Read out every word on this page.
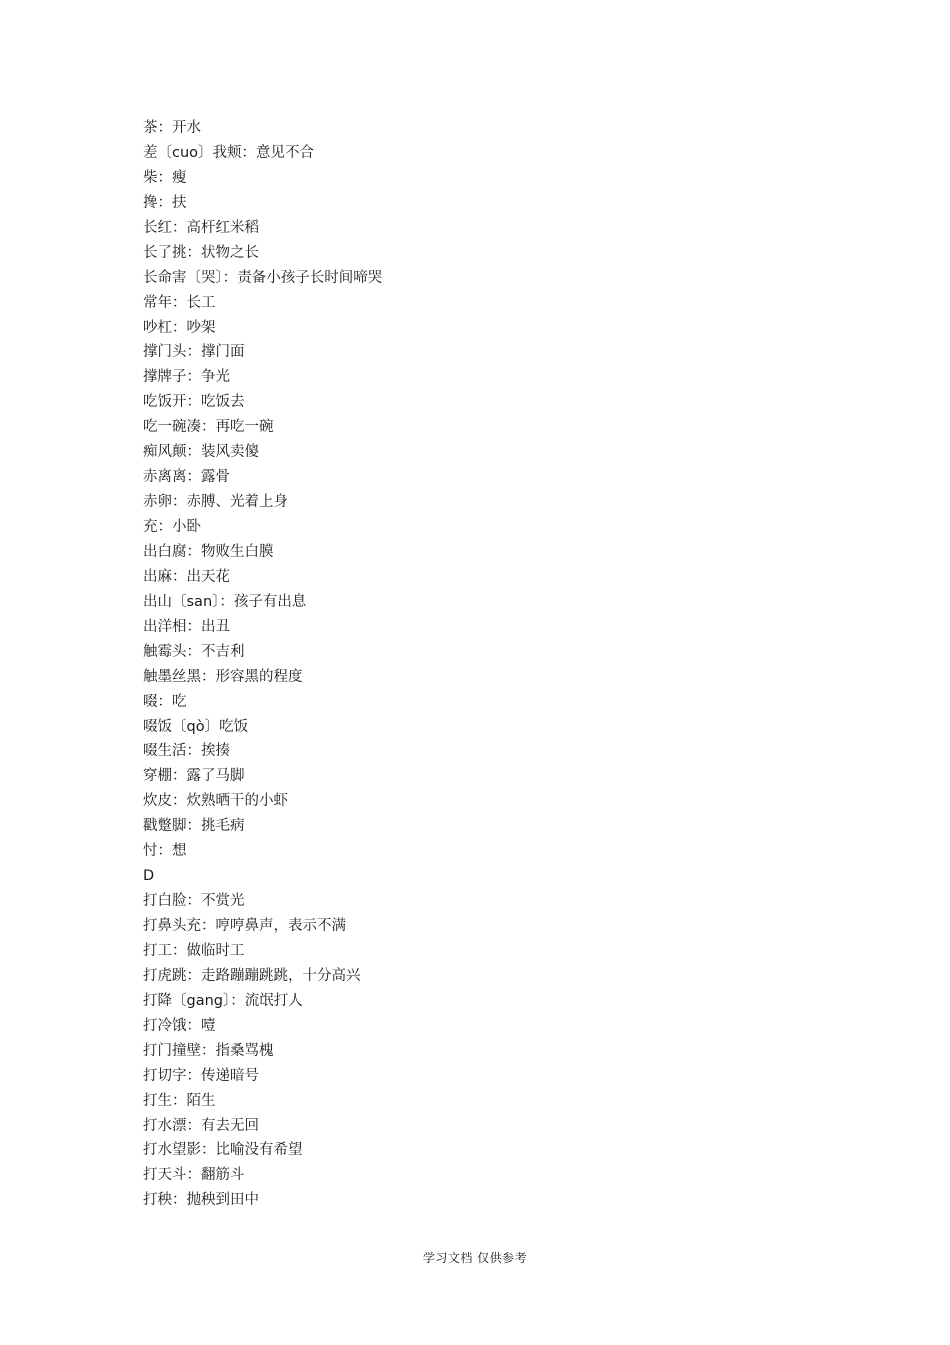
茶：开水
差〔cuo〕我颊：意见不合
柴：瘦
搀：扶
长红：高杆红米稻
长了挑：状物之长
长命害〔哭〕：责备小孩子长时间啼哭
常年：长工
吵杠：吵架
撑门头：撑门面
撑牌子：争光
吃饭开：吃饭去
吃一碗凑：再吃一碗
痴风颠：装风卖傻
赤离离：露骨
赤卵：赤膊、光着上身
充：小卧
出白腐：物败生白膜
出麻：出天花
出山〔san〕：孩子有出息
出洋相：出丑
触霉头：不吉利
触墨丝黑：形容黑的程度
啜：吃
啜饭〔qò〕吃饭
啜生活：挨揍
穿棚：露了马脚
炊皮：炊熟晒干的小虾
戳蹩脚：挑毛病
忖：想
D
打白脸：不赏光
打鼻头充：哼哼鼻声，表示不满
打工：做临时工
打虎跳：走路蹦蹦跳跳，十分高兴
打降〔gang〕：流氓打人
打冷饿：噎
打门撞壁：指桑骂槐
打切字：传递暗号
打生：陌生
打水漂：有去无回
打水望影：比喻没有希望
打天斗：翻筋斗
打秧：抛秧到田中
学习文档 仅供参考
